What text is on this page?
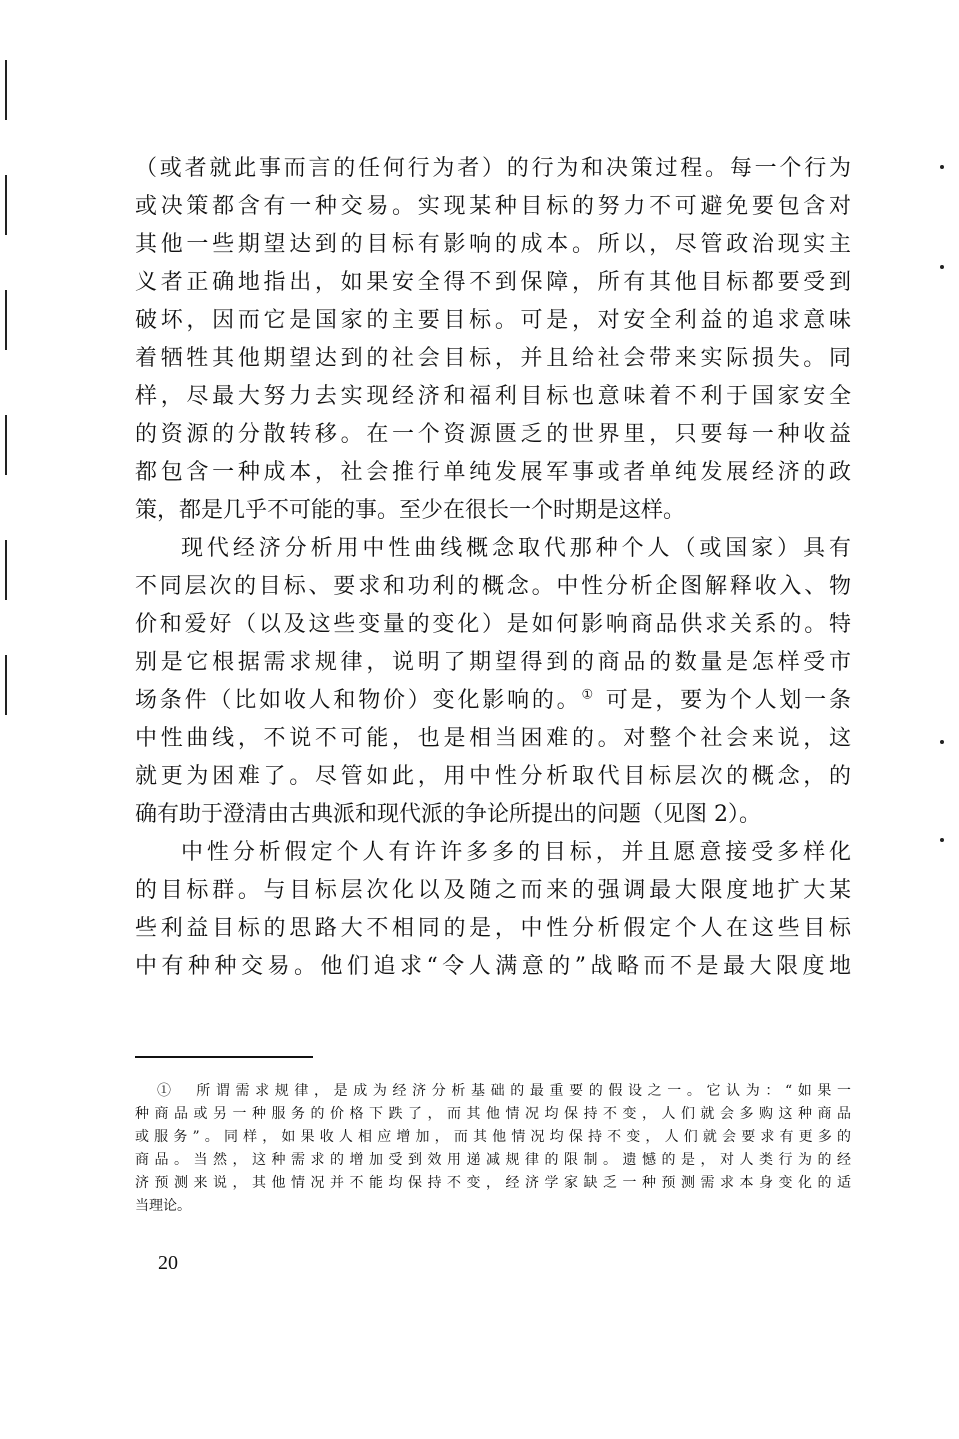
（或者就此事而言的任何行为者）的行为和决策过程。每一个行为
或决策都含有一种交易。实现某种目标的努力不可避免要包含对
其他一些期望达到的目标有影响的成本。所以，尽管政治现实主
义者正确地指出，如果安全得不到保障，所有其他目标都要受到
破坏，因而它是国家的主要目标。可是，对安全利益的追求意味
着牺牲其他期望达到的社会目标，并且给社会带来实际损失。同
样，尽最大努力去实现经济和福利目标也意味着不利于国家安全
的资源的分散转移。在一个资源匮乏的世界里，只要每一种收益
都包含一种成本，社会推行单纯发展军事或者单纯发展经济的政
策，都是几乎不可能的事。至少在很长一个时期是这样。
现代经济分析用中性曲线概念取代那种个人（或国家）具有
不同层次的目标、要求和功利的概念。中性分析企图解释收入、物
价和爱好（以及这些变量的变化）是如何影响商品供求关系的。特
别是它根据需求规律，说明了期望得到的商品的数量是怎样受市
场条件（比如收人和物价）变化影响的。① 可是，要为个人划一条
中性曲线，不说不可能，也是相当困难的。对整个社会来说，这
就更为困难了。尽管如此，用中性分析取代目标层次的概念，的
确有助于澄清由古典派和现代派的争论所提出的问题（见图 2）。
中性分析假定个人有许许多多的目标，并且愿意接受多样化
的目标群。与目标层次化以及随之而来的强调最大限度地扩大某
些利益目标的思路大不相同的是，中性分析假定个人在这些目标
中有种种交易。他们追求“令人满意的”战略而不是最大限度地
①  所谓需求规律，是成为经济分析基础的最重要的假设之一。它认为：“如果一
种商品或另一种服务的价格下跌了，而其他情况均保持不变，人们就会多购这种商品
或服务”。同样，如果收人相应增加，而其他情况均保持不变，人们就会要求有更多的
商品。当然，这种需求的增加受到效用递减规律的限制。遗憾的是，对人类行为的经
济预测来说，其他情况并不能均保持不变，经济学家缺乏一种预测需求本身变化的适
当理论。
20
